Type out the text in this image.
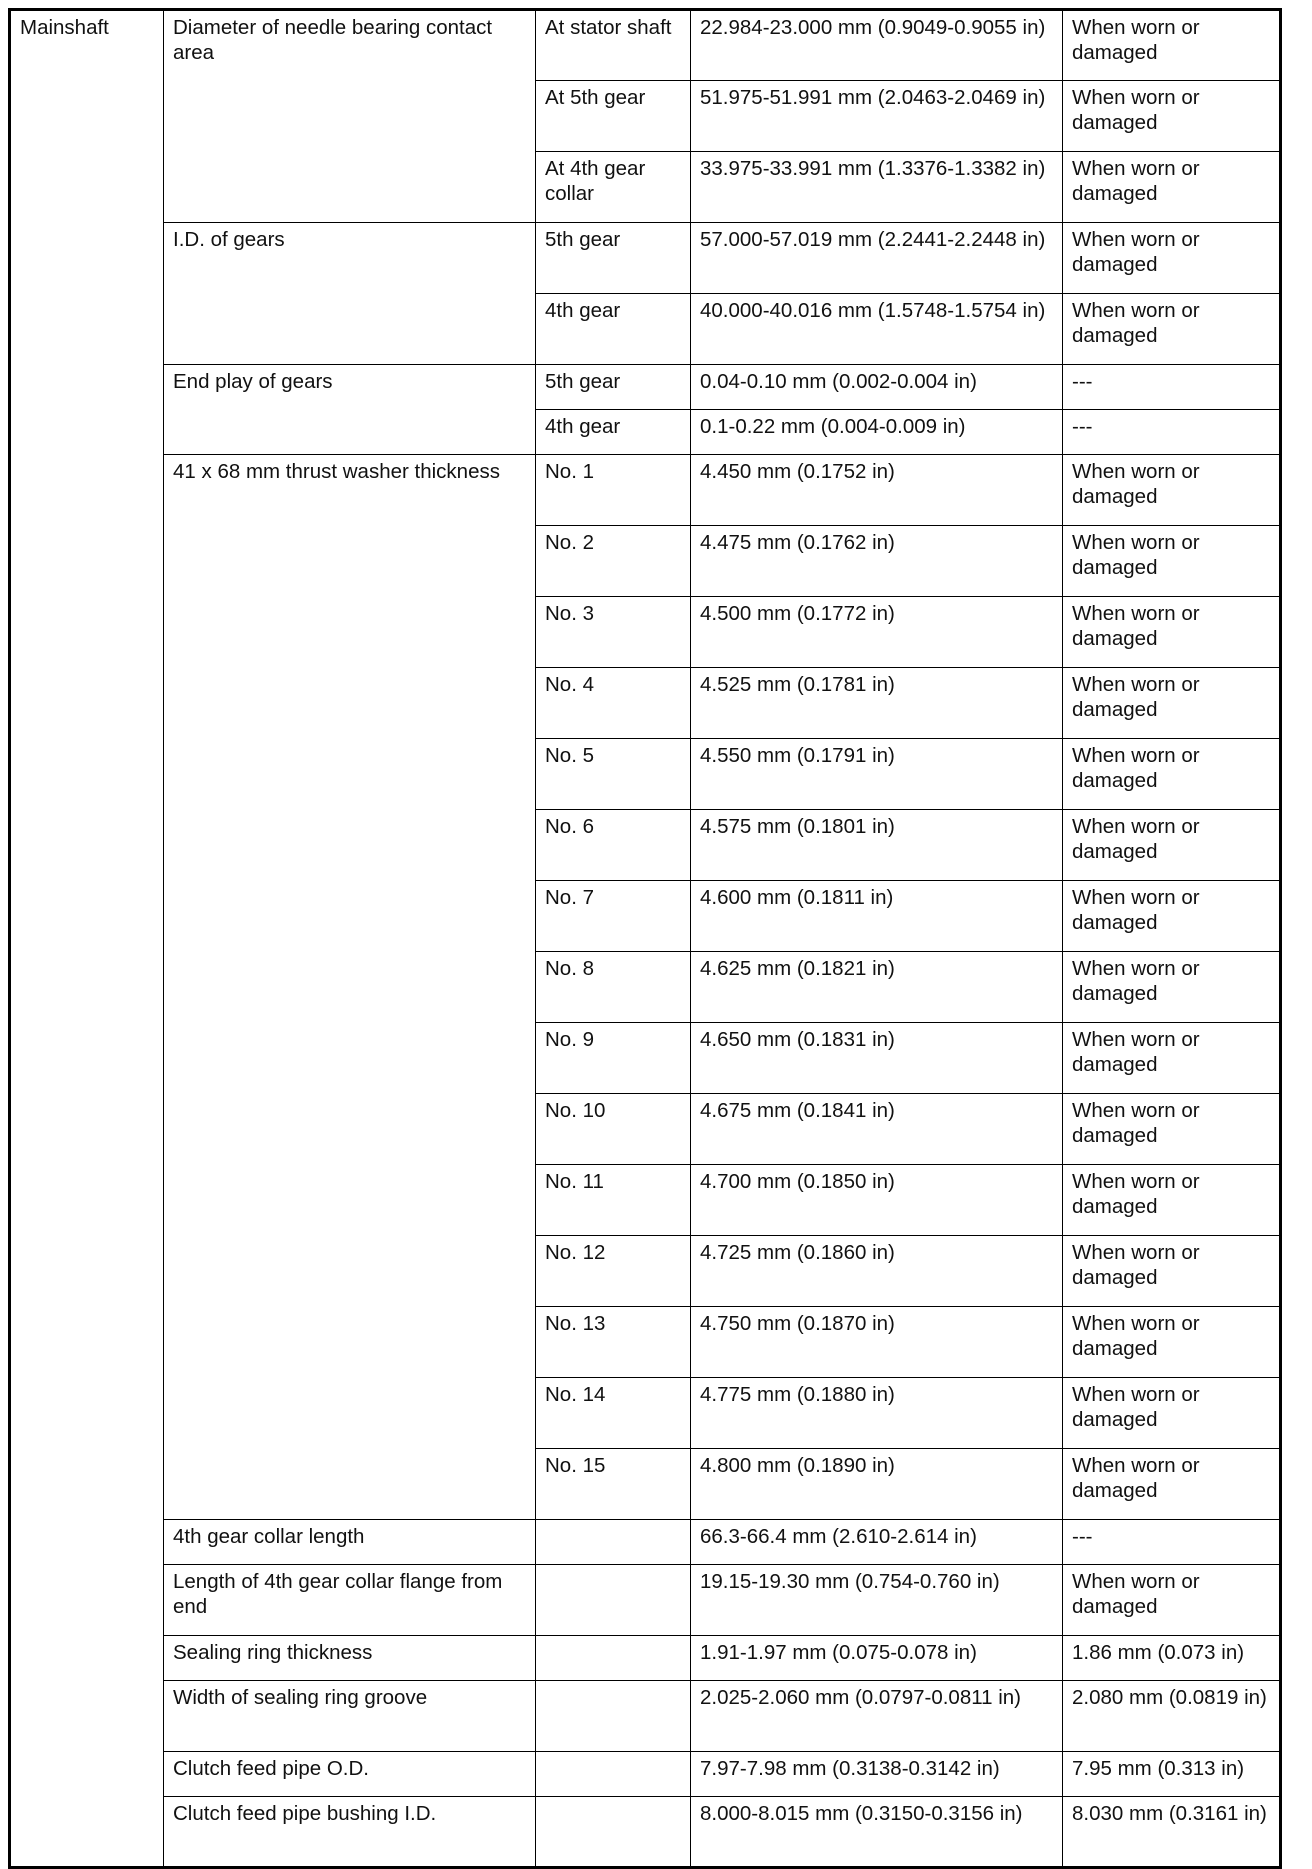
Mainshaft	Diameter of needle bearing contact area	At stator shaft	22.984-23.000 mm (0.9049-0.9055 in)	When worn or damaged
		At 5th gear	51.975-51.991 mm (2.0463-2.0469 in)	When worn or damaged
		At 4th gear collar	33.975-33.991 mm (1.3376-1.3382 in)	When worn or damaged
	I.D. of gears	5th gear	57.000-57.019 mm (2.2441-2.2448 in)	When worn or damaged
		4th gear	40.000-40.016 mm (1.5748-1.5754 in)	When worn or damaged
	End play of gears	5th gear	0.04-0.10 mm (0.002-0.004 in)	---
		4th gear	0.1-0.22 mm (0.004-0.009 in)	---
	41 x 68 mm thrust washer thickness	No. 1	4.450 mm (0.1752 in)	When worn or damaged
		No. 2	4.475 mm (0.1762 in)	When worn or damaged
		No. 3	4.500 mm (0.1772 in)	When worn or damaged
		No. 4	4.525 mm (0.1781 in)	When worn or damaged
		No. 5	4.550 mm (0.1791 in)	When worn or damaged
		No. 6	4.575 mm (0.1801 in)	When worn or damaged
		No. 7	4.600 mm (0.1811 in)	When worn or damaged
		No. 8	4.625 mm (0.1821 in)	When worn or damaged
		No. 9	4.650 mm (0.1831 in)	When worn or damaged
		No. 10	4.675 mm (0.1841 in)	When worn or damaged
		No. 11	4.700 mm (0.1850 in)	When worn or damaged
		No. 12	4.725 mm (0.1860 in)	When worn or damaged
		No. 13	4.750 mm (0.1870 in)	When worn or damaged
		No. 14	4.775 mm (0.1880 in)	When worn or damaged
		No. 15	4.800 mm (0.1890 in)	When worn or damaged
	4th gear collar length		66.3-66.4 mm (2.610-2.614 in)	---
	Length of 4th gear collar flange from end		19.15-19.30 mm (0.754-0.760 in)	When worn or damaged
	Sealing ring thickness		1.91-1.97 mm (0.075-0.078 in)	1.86 mm (0.073 in)
	Width of sealing ring groove		2.025-2.060 mm (0.0797-0.0811 in)	2.080 mm (0.0819 in)
	Clutch feed pipe O.D.		7.97-7.98 mm (0.3138-0.3142 in)	7.95 mm (0.313 in)
	Clutch feed pipe bushing I.D.		8.000-8.015 mm (0.3150-0.3156 in)	8.030 mm (0.3161 in)
